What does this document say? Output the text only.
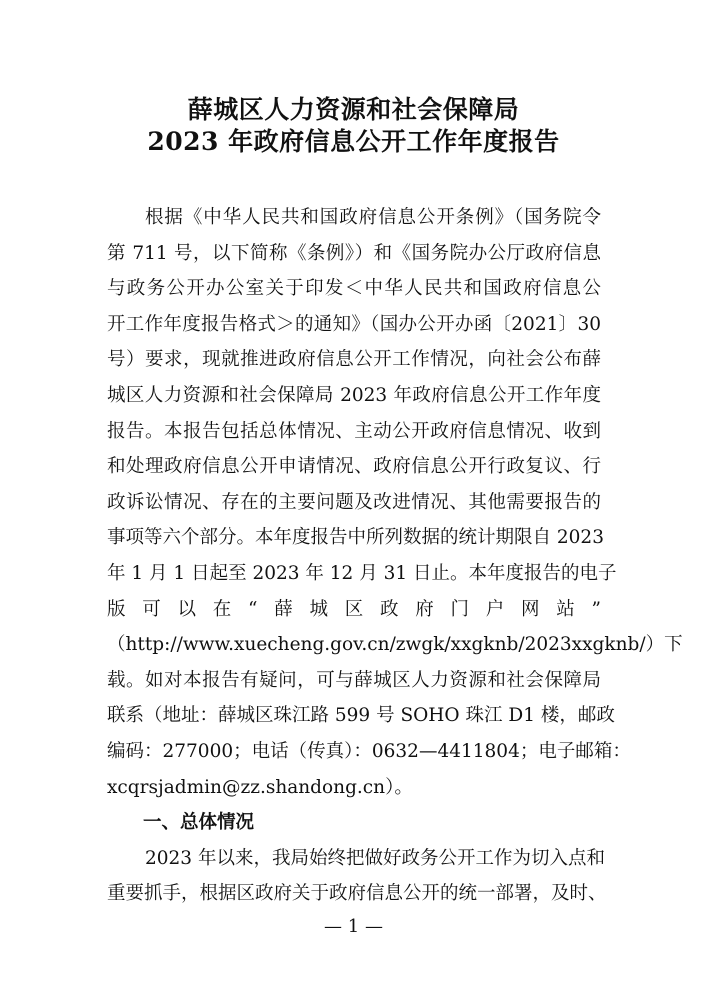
薛城区人力资源和社会保障局
2023 年政府信息公开工作年度报告
根据《中华人民共和国政府信息公开条例》（国务院令
第 711 号，以下简称《条例》）和《国务院办公厅政府信息
与政务公开办公室关于印发＜中华人民共和国政府信息公
开工作年度报告格式＞的通知》（国办公开办函〔2021〕30
号）要求，现就推进政府信息公开工作情况，向社会公布薛
城区人力资源和社会保障局 2023 年政府信息公开工作年度
报告。本报告包括总体情况、主动公开政府信息情况、收到
和处理政府信息公开申请情况、政府信息公开行政复议、行
政诉讼情况、存在的主要问题及改进情况、其他需要报告的
事项等六个部分。本年度报告中所列数据的统计期限自 2023
年 1 月 1 日起至 2023 年 12 月 31 日止。本年度报告的电子
版可以在“薛城区政府门户网站”
（http://www.xuecheng.gov.cn/zwgk/xxgknb/2023xxgknb/）下
载。如对本报告有疑问，可与薛城区人力资源和社会保障局
联系（地址：薛城区珠江路 599 号 SOHO 珠江 D1 楼，邮政
编码：277000；电话（传真）：0632—4411804；电子邮箱：
xcqrsjadmin@zz.shandong.cn）。
一、总体情况
2023 年以来，我局始终把做好政务公开工作为切入点和
重要抓手，根据区政府关于政府信息公开的统一部署，及时、
— 1 —
